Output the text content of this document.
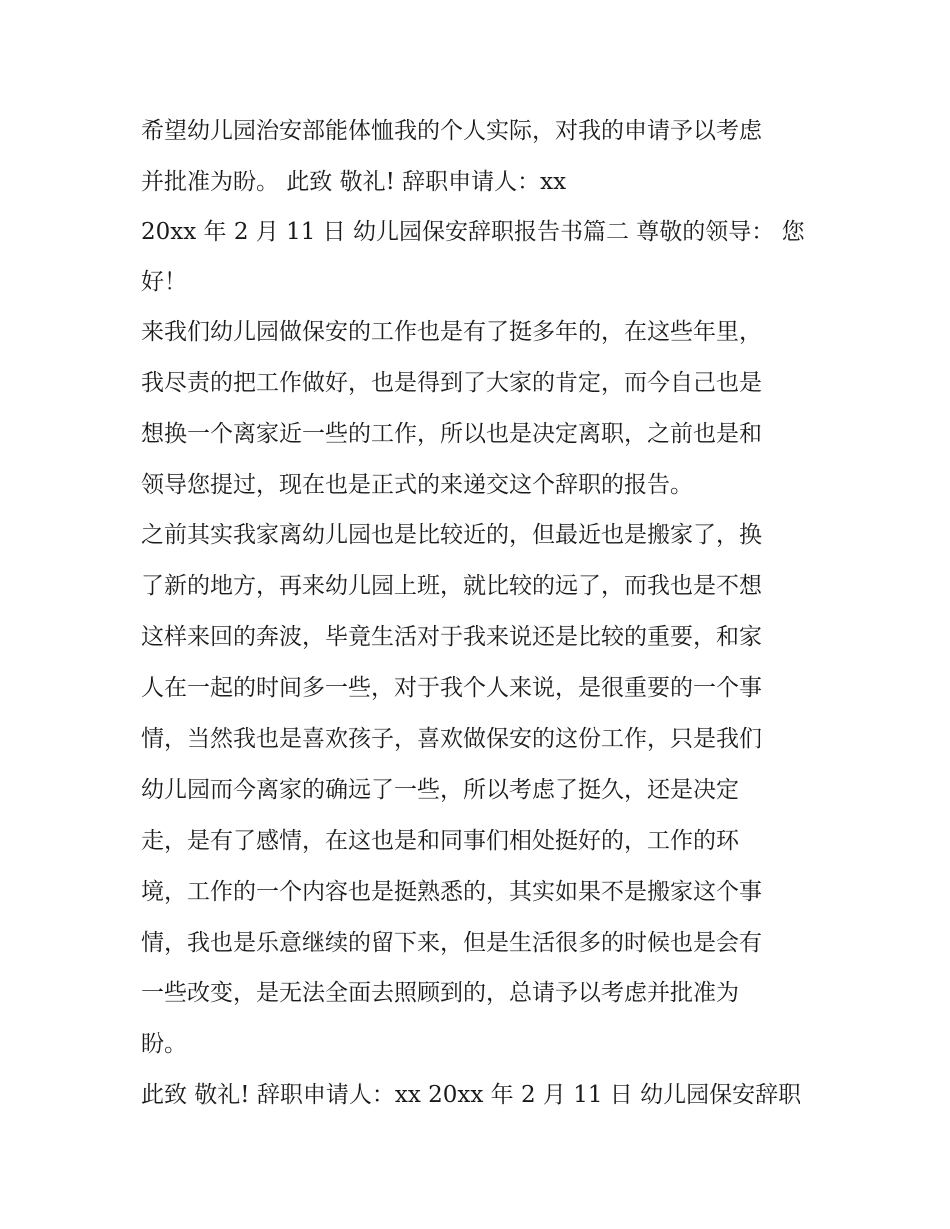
希望幼儿园治安部能体恤我的个人实际，对我的申请予以考虑
并批准为盼。 此致 敬礼! 辞职申请人：xx
20xx 年 2 月 11 日 幼儿园保安辞职报告书篇二 尊敬的领导： 您
好！
来我们幼儿园做保安的工作也是有了挺多年的，在这些年里，
我尽责的把工作做好，也是得到了大家的肯定，而今自己也是
想换一个离家近一些的工作，所以也是决定离职，之前也是和
领导您提过，现在也是正式的来递交这个辞职的报告。
之前其实我家离幼儿园也是比较近的，但最近也是搬家了，换
了新的地方，再来幼儿园上班，就比较的远了，而我也是不想
这样来回的奔波，毕竟生活对于我来说还是比较的重要，和家
人在一起的时间多一些，对于我个人来说，是很重要的一个事
情，当然我也是喜欢孩子，喜欢做保安的这份工作，只是我们
幼儿园而今离家的确远了一些，所以考虑了挺久，还是决定
走，是有了感情，在这也是和同事们相处挺好的，工作的环
境，工作的一个内容也是挺熟悉的，其实如果不是搬家这个事
情，我也是乐意继续的留下来，但是生活很多的时候也是会有
一些改变，是无法全面去照顾到的，总请予以考虑并批准为
盼。
此致 敬礼! 辞职申请人：xx 20xx 年 2 月 11 日 幼儿园保安辞职
